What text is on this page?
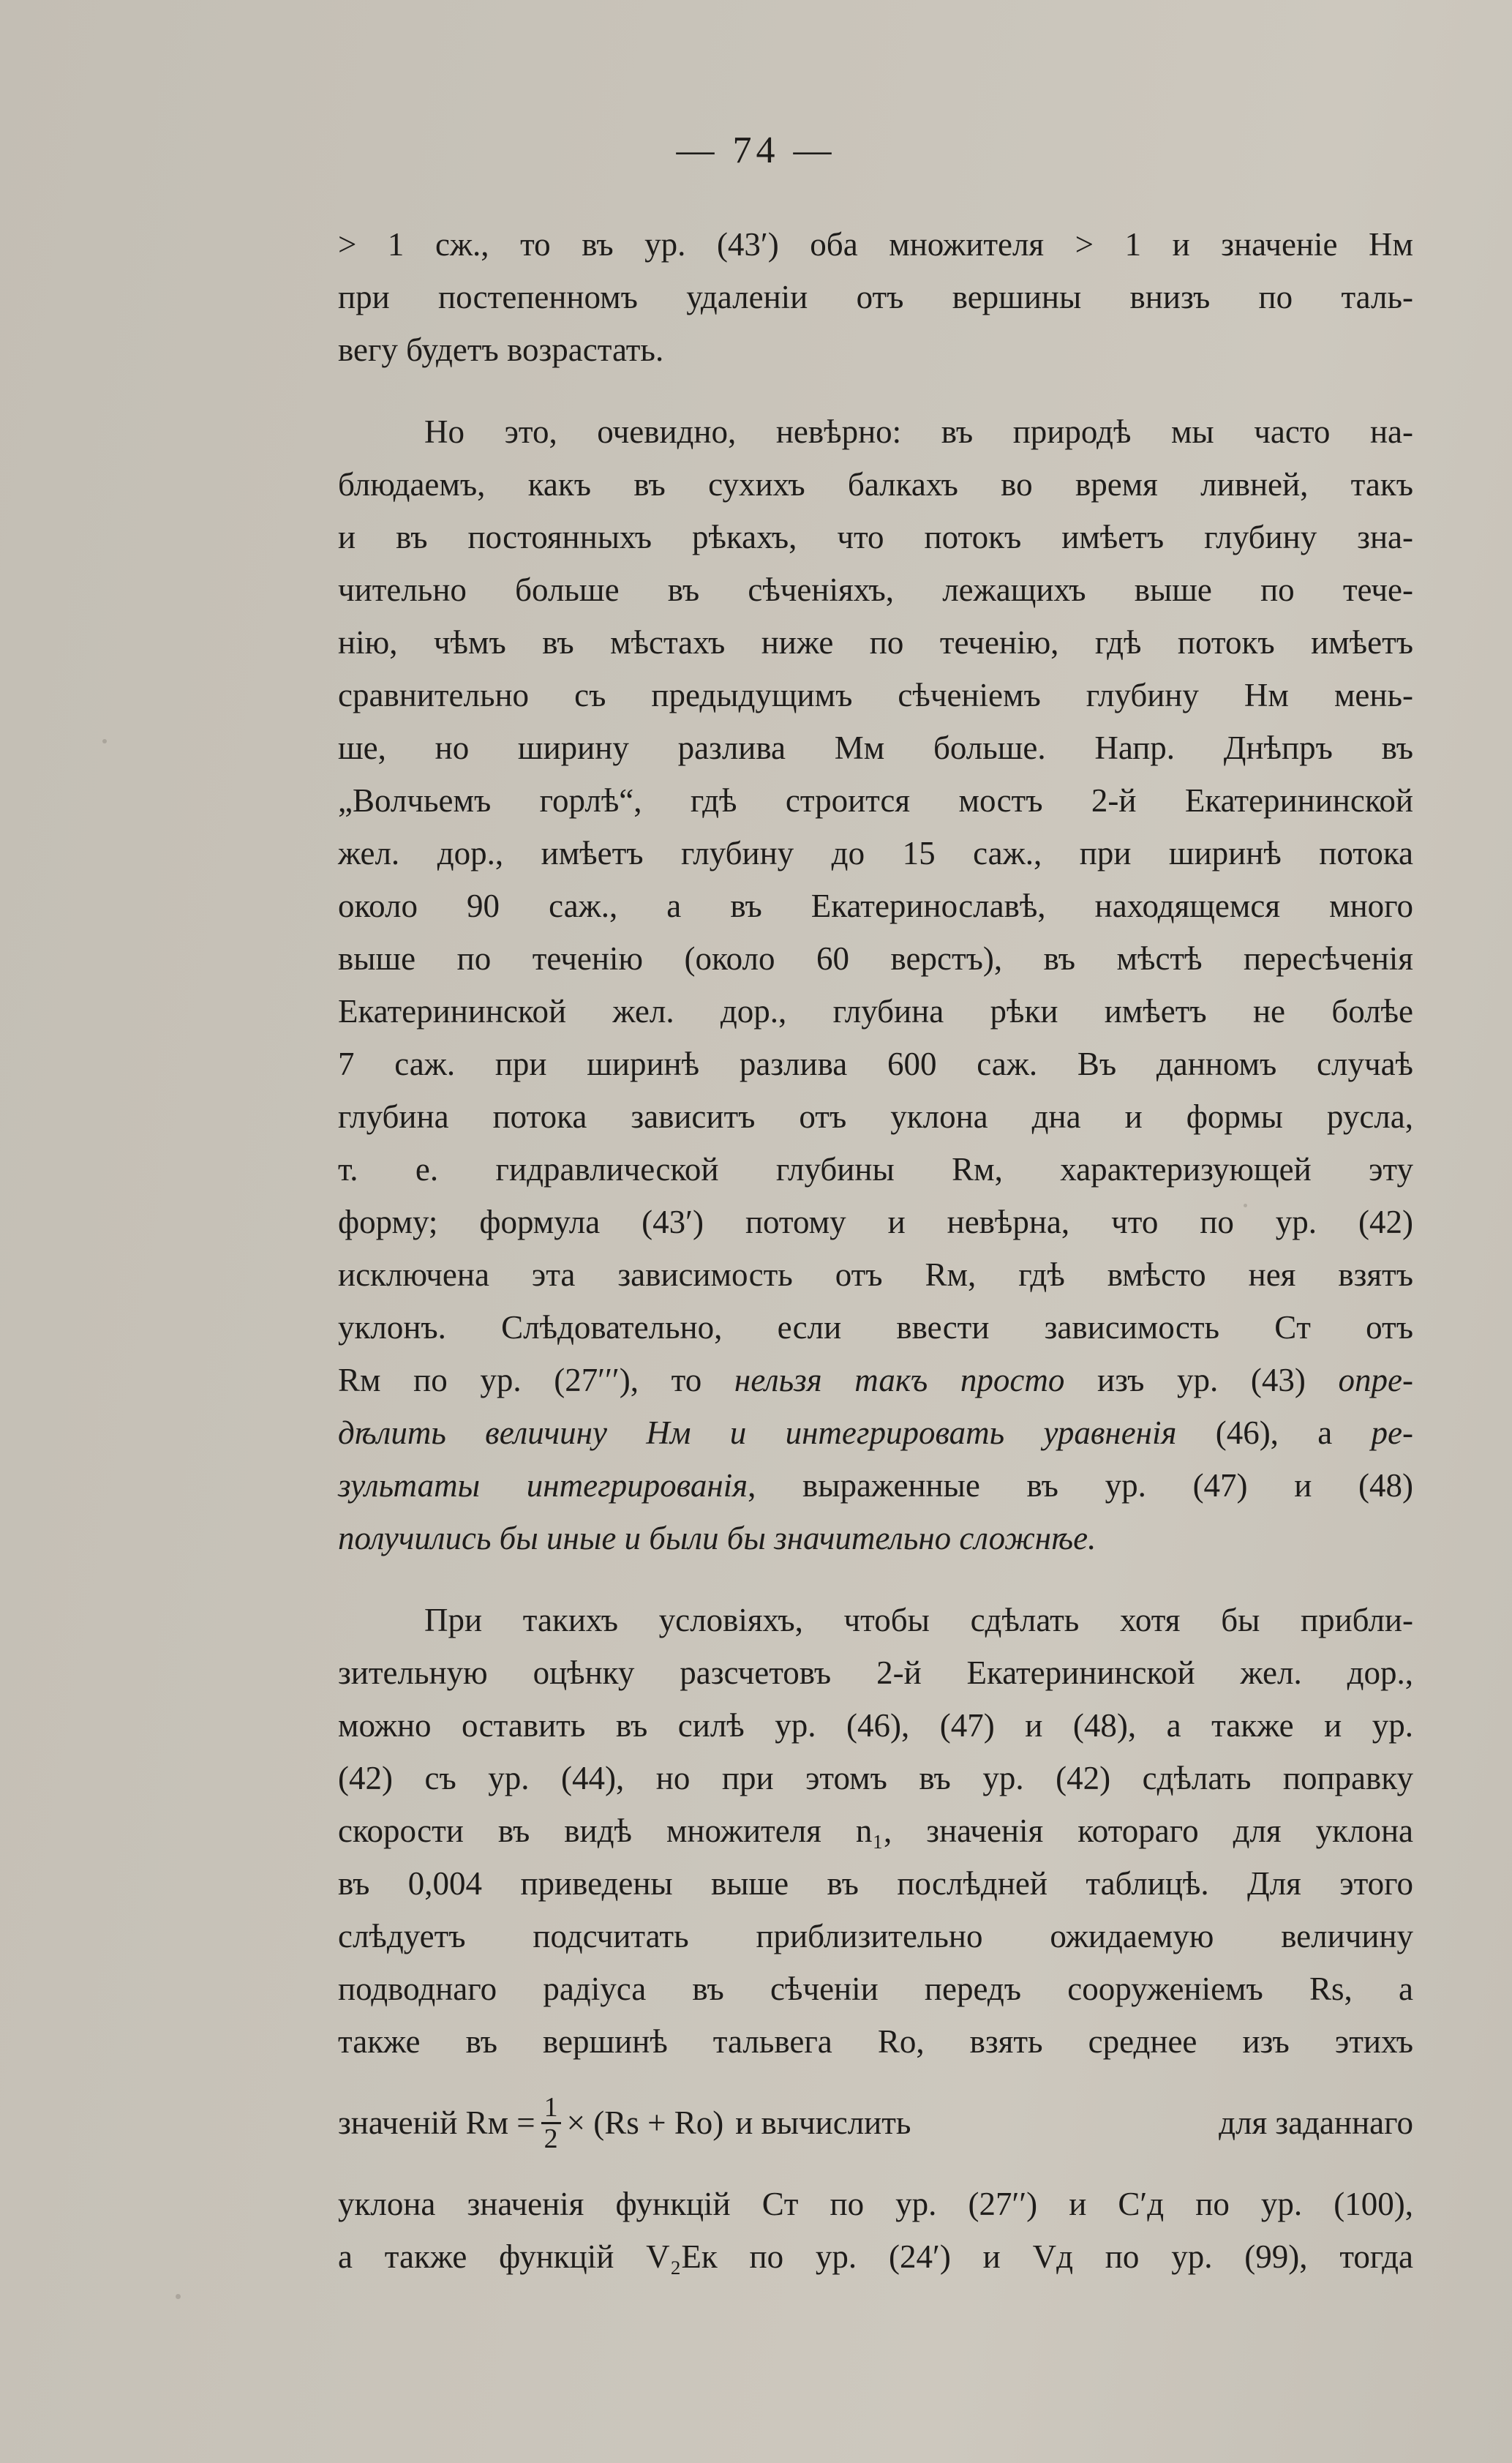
— 74 —
> 1 сж., то въ ур. (43′) оба множителя > 1 и значеніе Hм
при постепенномъ удаленіи отъ вершины внизъ по таль-
вегу будетъ возрастать.
Но это, очевидно, невѣрно: въ природѣ мы часто на-
блюдаемъ, какъ въ сухихъ балкахъ во время ливней, такъ
и въ постоянныхъ рѣкахъ, что потокъ имѣетъ глубину зна-
чительно больше въ сѣченіяхъ, лежащихъ выше по тече-
нію, чѣмъ въ мѣстахъ ниже по теченію, гдѣ потокъ имѣетъ
сравнительно съ предыдущимъ сѣченіемъ глубину Hм мень-
ше, но ширину разлива Mм больше. Напр. Днѣпръ въ
„Волчьемъ горлѣ“, гдѣ строится мостъ 2-й Екатерининской
жел. дор., имѣетъ глубину до 15 саж., при ширинѣ потока
около 90 саж., а въ Екатеринославѣ, находящемся много
выше по теченію (около 60 верстъ), въ мѣстѣ пересѣченія
Екатерининской жел. дор., глубина рѣки имѣетъ не болѣе
7 саж. при ширинѣ разлива 600 саж. Въ данномъ случаѣ
глубина потока зависитъ отъ уклона дна и формы русла,
т. е. гидравлической глубины Rм, характеризующей эту
форму; формула (43′) потому и невѣрна, что по ур. (42)
исключена эта зависимость отъ Rм, гдѣ вмѣсто нея взятъ
уклонъ. Слѣдовательно, если ввести зависимость Cт отъ
Rм по ур. (27′′′), то нельзя такъ просто изъ ур. (43) опре-
дѣлить величину Hм и интегрировать уравненія (46), а ре-
зультаты интегрированія, выраженные въ ур. (47) и (48)
получились бы иные и были бы значительно сложнѣе.
При такихъ условіяхъ, чтобы сдѣлать хотя бы прибли-
зительную оцѣнку разсчетовъ 2-й Екатерининской жел. дор.,
можно оставить въ силѣ ур. (46), (47) и (48), а также и ур.
(42) съ ур. (44), но при этомъ въ ур. (42) сдѣлать поправку
скорости въ видѣ множителя n₁, значенія котораго для уклона
въ 0,004 приведены выше въ послѣдней таблицѣ. Для этого
слѣдуетъ подсчитать приблизительно ожидаемую величину
подводнаго радіуса въ сѣченіи передъ сооруженіемъ Rs, а
также въ вершинѣ тальвега Ro, взять среднее изъ этихъ
значеній Rм = $\frac{1}{2} \times (Rs + Ro)$ и вычислить	для заданнаго
уклона значенія функцій Cт по ур. (27′′) и C′д по ур. (100),
а также функцій V₂Eк по ур. (24′) и Vд по ур. (99), тогда
